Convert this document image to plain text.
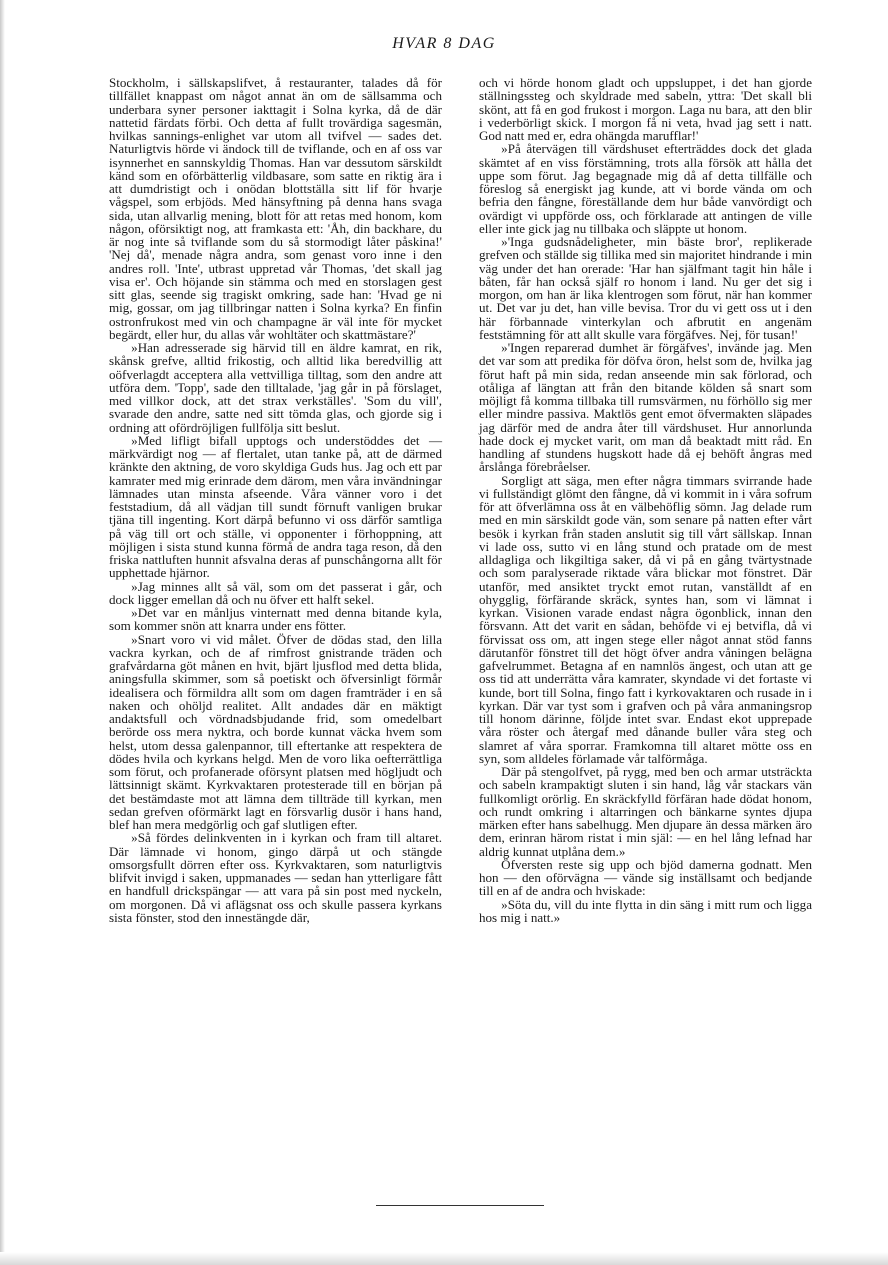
HVAR 8 DAG

Stockholm, i sällskapslifvet, å restauranter, talades då för tillfället knappast om något annat än om de sällsamma och underbara syner personer iakttagit i Solna kyrka, då de där nattetid färdats förbi. Och detta af fullt trovärdiga sagesmän, hvilkas sannings-enlighet var utom all tvifvel — sades det. Naturligtvis hörde vi ändock till de tviflande, och en af oss var isynnerhet en sannskyldig Thomas. Han var dessutom särskildt känd som en oförbätterlig vildbasare, som satte en riktig ära i att dumdristigt och i onödan blottställa sitt lif för hvarje vågspel, som erbjöds. Med hänsyftning på denna hans svaga sida, utan allvarlig mening, blott för att retas med honom, kom någon, oförsiktigt nog, att framkasta ett: 'Åh, din backhare, du är nog inte så tviflande som du så stormodigt låter påskina!' 'Nej då', menade några andra, som genast voro inne i den andres roll. 'Inte', utbrast uppretad vår Thomas, 'det skall jag visa er'. Och höjande sin stämma och med en storslagen gest sitt glas, seende sig tragiskt omkring, sade han: 'Hvad ge ni mig, gossar, om jag tillbringar natten i Solna kyrka? En finfin ostronfrukost med vin och champagne är väl inte för mycket begärdt, eller hur, du allas vår wohltäter och skattmästare?'

»Han adresserade sig härvid till en äldre kamrat, en rik, skånsk grefve, alltid frikostig, och alltid lika beredvillig att oöfverlagdt acceptera alla vettvilliga tilltag, som den andre att utföra dem. 'Topp', sade den tilltalade, 'jag går in på förslaget, med villkor dock, att det strax verkställes'. 'Som du vill', svarade den andre, satte ned sitt tömda glas, och gjorde sig i ordning att ofördröjligen fullfölja sitt beslut.

»Med lifligt bifall upptogs och understöddes det — märkvärdigt nog — af flertalet, utan tanke på, att de därmed kränkte den aktning, de voro skyldiga Guds hus. Jag och ett par kamrater med mig erinrade dem därom, men våra invändningar lämnades utan minsta afseende. Våra vänner voro i det feststadium, då all vädjan till sundt förnuft vanligen brukar tjäna till ingenting. Kort därpå befunno vi oss därför samtliga på väg till ort och ställe, vi opponenter i förhoppning, att möjligen i sista stund kunna förmå de andra taga reson, då den friska nattluften hunnit afsvalna deras af punschångorna allt för upphettade hjärnor.

»Jag minnes allt så väl, som om det passerat i går, och dock ligger emellan då och nu öfver ett halft sekel.

»Det var en månljus vinternatt med denna bitande kyla, som kommer snön att knarra under ens fötter.

»Snart voro vi vid målet. Öfver de dödas stad, den lilla vackra kyrkan, och de af rimfrost gnistrande träden och grafvårdarna göt månen en hvit, bjärt ljusflod med detta blida, aningsfulla skimmer, som så poetiskt och öfversinligt förmår idealisera och förmildra allt som om dagen framträder i en så naken och ohöljd realitet. Allt andades där en mäktigt andaktsfull och vördnadsbjudande frid, som omedelbart berörde oss mera nyktra, och borde kunnat väcka hvem som helst, utom dessa galenpannor, till eftertanke att respektera de dödes hvila och kyrkans helgd. Men de voro lika oefterrättliga som förut, och profanerade oförsynt platsen med högljudt och lättsinnigt skämt. Kyrkvaktaren protesterade till en början på det bestämdaste mot att lämna dem tillträde till kyrkan, men sedan grefven oförmärkt lagt en försvarlig dusör i hans hand, blef han mera medgörlig och gaf slutligen efter.

»Så fördes delinkventen in i kyrkan och fram till altaret. Där lämnade vi honom, gingo därpå ut och stängde omsorgsfullt dörren efter oss. Kyrkvaktaren, som naturligtvis blifvit invigd i saken, uppmanades — sedan han ytterligare fått en handfull drickspängar — att vara på sin post med nyckeln, om morgonen. Då vi aflägsnat oss och skulle passera kyrkans sista fönster, stod den innestängde där,

och vi hörde honom gladt och uppsluppet, i det han gjorde ställningssteg och skyldrade med sabeln, yttra: 'Det skall bli skönt, att få en god frukost i morgon. Laga nu bara, att den blir i vederbörligt skick. I morgon få ni veta, hvad jag sett i natt. God natt med er, edra ohängda marufflar!'

»På återvägen till värdshuset efterträddes dock det glada skämtet af en viss förstämning, trots alla försök att hålla det uppe som förut. Jag begagnade mig då af detta tillfälle och föreslog så energiskt jag kunde, att vi borde vända om och befria den fångne, föreställande dem hur både vanvördigt och ovärdigt vi uppförde oss, och förklarade att antingen de ville eller inte gick jag nu tillbaka och släppte ut honom.

»'Inga gudsnådeligheter, min bäste bror', replikerade grefven och ställde sig tillika med sin majoritet hindrande i min väg under det han orerade: 'Har han själfmant tagit hin håle i båten, får han också själf ro honom i land. Nu ger det sig i morgon, om han är lika klentrogen som förut, när han kommer ut. Det var ju det, han ville bevisa. Tror du vi gett oss ut i den här förbannade vinterkylan och afbrutit en angenäm feststämning för att allt skulle vara förgäfves. Nej, för tusan!'

»'Ingen reparerad dumhet är förgäfves', invände jag. Men det var som att predika för döfva öron, helst som de, hvilka jag förut haft på min sida, redan anseende min sak förlorad, och otåliga af längtan att från den bitande kölden så snart som möjligt få komma tillbaka till rumsvärmen, nu förhöllo sig mer eller mindre passiva. Maktlös gent emot öfvermakten släpades jag därför med de andra åter till värdshuset. Hur annorlunda hade dock ej mycket varit, om man då beaktadt mitt råd. En handling af stundens hugskott hade då ej behöft ångras med årslånga förebråelser.

Sorgligt att säga, men efter några timmars svirrande hade vi fullständigt glömt den fångne, då vi kommit in i våra sofrum för att öfverlämna oss åt en välbehöflig sömn. Jag delade rum med en min särskildt gode vän, som senare på natten efter vårt besök i kyrkan från staden anslutit sig till vårt sällskap. Innan vi lade oss, sutto vi en lång stund och pratade om de mest alldagliga och likgiltiga saker, då vi på en gång tvärtystnade och som paralyserade riktade våra blickar mot fönstret. Där utanför, med ansiktet tryckt emot rutan, vanställdt af en ohygglig, förfärande skräck, syntes han, som vi lämnat i kyrkan. Visionen varade endast några ögonblick, innan den försvann. Att det varit en sådan, behöfde vi ej betvifla, då vi förvissat oss om, att ingen stege eller något annat stöd fanns därutanför fönstret till det högt öfver andra våningen belägna gafvelrummet. Betagna af en namnlös ängest, och utan att ge oss tid att underrätta våra kamrater, skyndade vi det fortaste vi kunde, bort till Solna, fingo fatt i kyrkovaktaren och rusade in i kyrkan. Där var tyst som i grafven och på våra anmaningsrop till honom därinne, följde intet svar. Endast ekot upprepade våra röster och återgaf med dånande buller våra steg och slamret af våra sporrar. Framkomna till altaret mötte oss en syn, som alldeles förlamade vår talförmåga.

Där på stengolfvet, på rygg, med ben och armar utsträckta och sabeln krampaktigt sluten i sin hand, låg vår stackars vän fullkomligt orörlig. En skräckfylld förfäran hade dödat honom, och rundt omkring i altarringen och bänkarne syntes djupa märken efter hans sabelhugg. Men djupare än dessa märken äro dem, erinran härom ristat i min själ: — en hel lång lefnad har aldrig kunnat utplåna dem.»

Öfversten reste sig upp och bjöd damerna godnatt. Men hon — den oförvägna — vände sig inställsamt och bedjande till en af de andra och hviskade:

»Söta du, vill du inte flytta in din säng i mitt rum och ligga hos mig i natt.»
